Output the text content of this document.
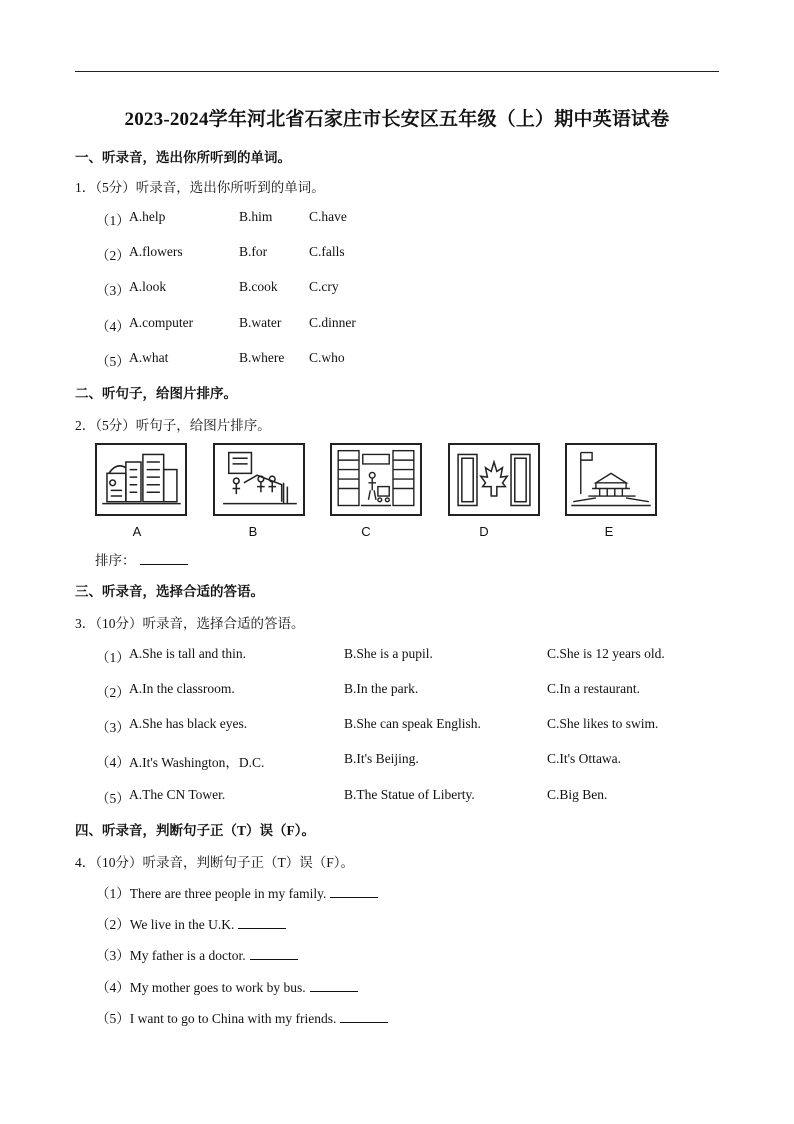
2023-2024学年河北省石家庄市长安区五年级（上）期中英语试卷
一、听录音，选出你所听到的单词。
1．（5分）听录音，选出你所听到的单词。
（1） A.help	B.him	C.have
（2） A.flowers	B.for	C.falls
（3） A.look	B.cook C.cry
（4） A.computer	B.water C.dinner
（5） A.what	B.where C.who
二、听句子，给图片排序。
2．（5分）听句子，给图片排序。
A	B	C	D	E
排序：
三、听录音，选择合适的答语。
3．（10分）听录音，选择合适的答语。
（1） A.She is tall and thin.	B.She is a pupil.	C.She is 12 years old.
（2） A.In the classroom.	B.In the park.	C.In a restaurant.
（3） A.She has black eyes.	B.She can speak English.	C.She likes to swim.
（4） A.It's Washington，D.C.	B.It's Beijing.	C.It's Ottawa.
（5） A.The CN Tower.	B.The Statue of Liberty.	C.Big Ben.
四、听录音，判断句子正（T）误（F）。
4．（10分）听录音，判断句子正（T）误（F）。
（1）There are three people in my family.
（2）We live in the U.K.
（3）My father is a doctor.
（4）My mother goes to work by bus.
（5）I want to go to China with my friends.
